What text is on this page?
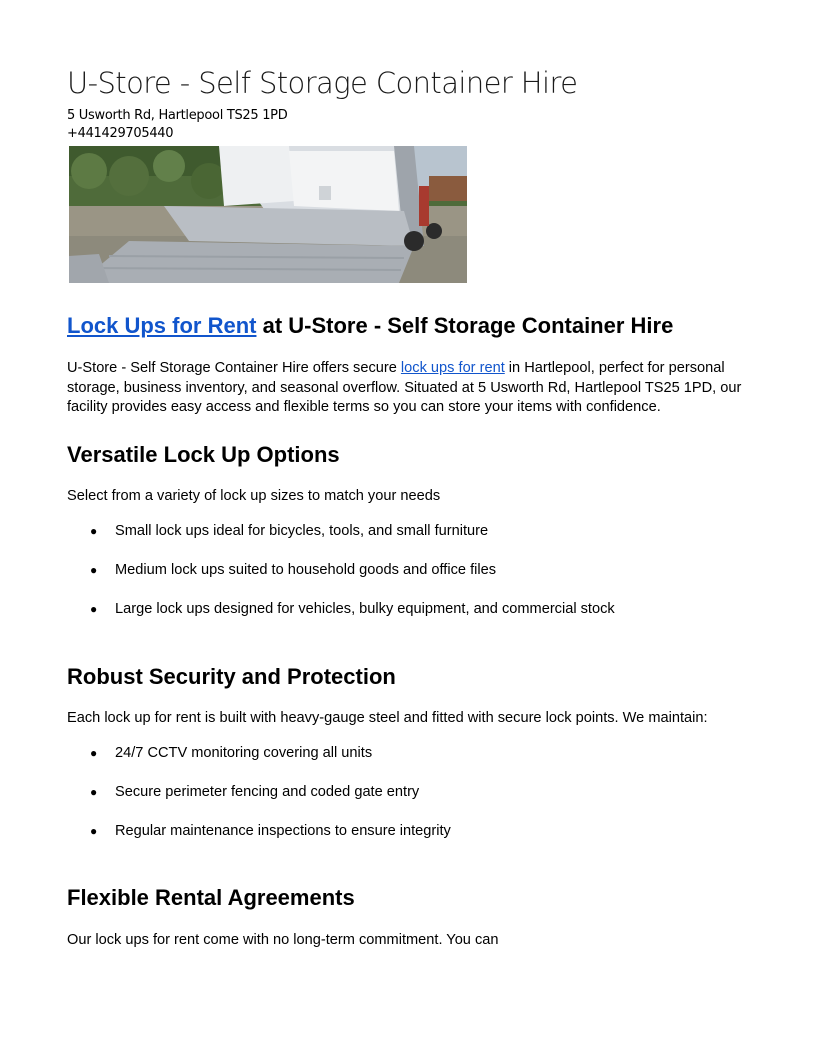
U-Store - Self Storage Container Hire
5 Usworth Rd, Hartlepool TS25 1PD
+441429705440
Lock Ups for Rent at U-Store - Self Storage Container Hire

U-Store - Self Storage Container Hire offers secure lock ups for rent in Hartlepool, perfect for personal storage, business inventory, and seasonal overflow. Situated at 5 Usworth Rd, Hartlepool TS25 1PD, our facility provides easy access and flexible terms so you can store your items with confidence.

Versatile Lock Up Options

Select from a variety of lock up sizes to match your needs

● Small lock ups ideal for bicycles, tools, and small furniture
● Medium lock ups suited to household goods and office files
● Large lock ups designed for vehicles, bulky equipment, and commercial stock
Robust Security and Protection

Each lock up for rent is built with heavy-gauge steel and fitted with secure lock points. We maintain:

● 24/7 CCTV monitoring covering all units
● Secure perimeter fencing and coded gate entry
● Regular maintenance inspections to ensure integrity
Flexible Rental Agreements

Our lock ups for rent come with no long-term commitment. You can
